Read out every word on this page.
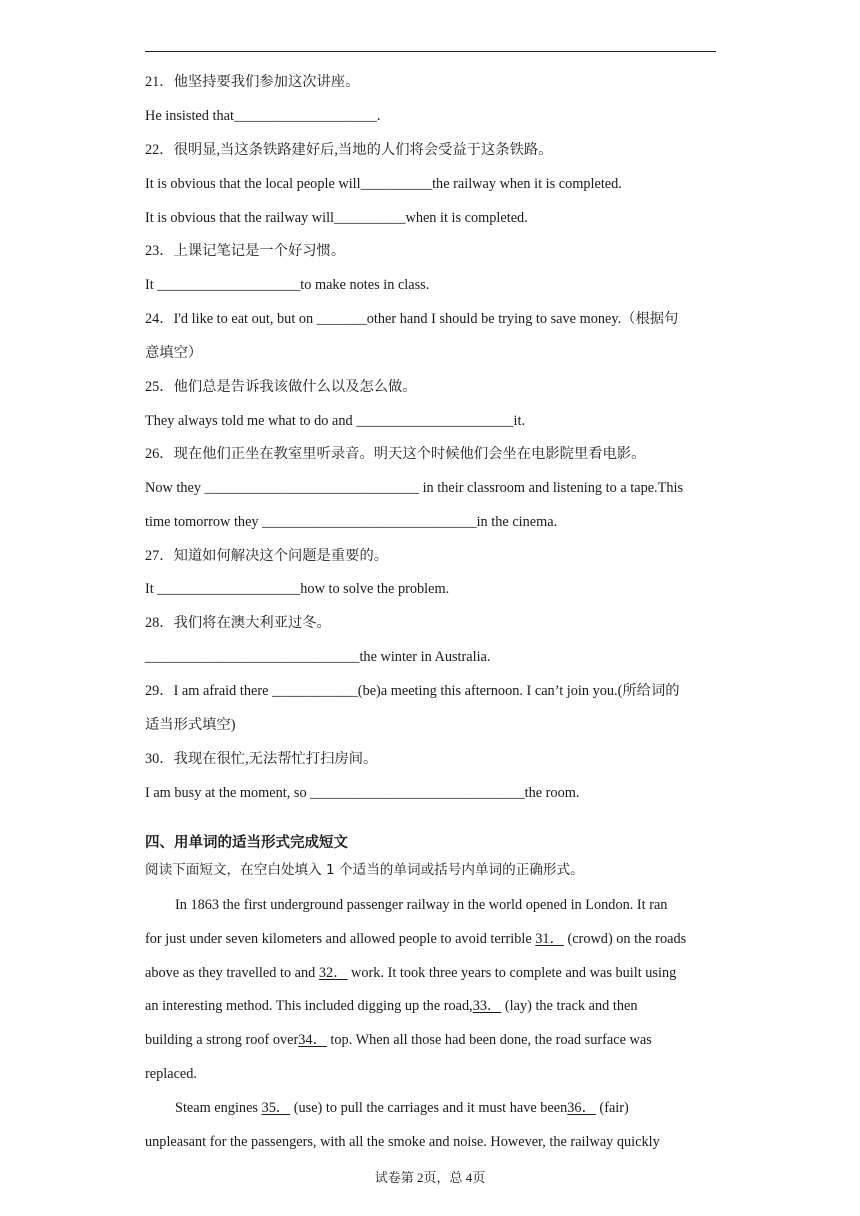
21．他坚持要我们参加这次讲座。
He insisted that____________________.
22．很明显,当这条铁路建好后,当地的人们将会受益于这条铁路。
It is obvious that the local people will__________the railway when it is completed.
It is obvious that the railway will__________when it is completed.
23．上课记笔记是一个好习惯。
It ____________________to make notes in class.
24．I'd like to eat out, but on _______other hand I should be trying to save money.（根据句
意填空）
25．他们总是告诉我该做什么以及怎么做。
They always told me what to do and ______________________it.
26．现在他们正坐在教室里听录音。明天这个时候他们会坐在电影院里看电影。
Now they ______________________________ in their classroom and listening to a tape.This
time tomorrow they ______________________________in the cinema.
27．知道如何解决这个问题是重要的。
It ____________________how to solve the problem.
28．我们将在澳大利亚过冬。
______________________________the winter in Australia.
29．I am afraid there ____________(be)a meeting this afternoon. I can’t join you.(所给词的
适当形式填空)
30．我现在很忙,无法帮忙打扫房间。
I am busy at the moment, so ______________________________the room.
四、用单词的适当形式完成短文
阅读下面短文，在空白处填入 1 个适当的单词或括号内单词的正确形式。
In 1863 the first underground passenger railway in the world opened in London. It ran
for just under seven kilometers and allowed people to avoid terrible 31． (crowd) on the roads
above as they travelled to and 32． work. It took three years to complete and was built using
an interesting method. This included digging up the road,33． (lay) the track and then
building a strong roof over34． top. When all those had been done, the road surface was
replaced.
Steam engines 35． (use) to pull the carriages and it must have been36． (fair)
unpleasant for the passengers, with all the smoke and noise. However, the railway quickly
试卷第 2页，总 4页
